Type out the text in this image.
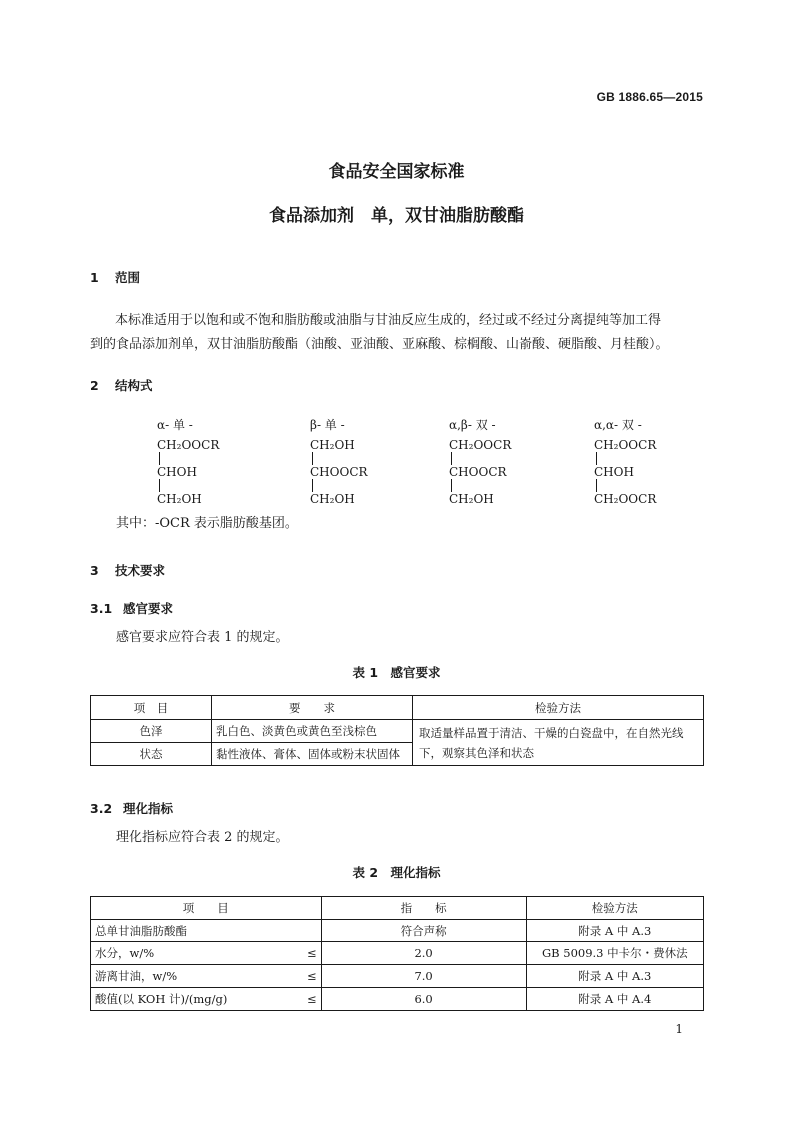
GB 1886.65—2015
食品安全国家标准
食品添加剂　单，双甘油脂肪酸酯
1 范围
本标准适用于以饱和或不饱和脂肪酸或油脂与甘油反应生成的，经过或不经过分离提纯等加工得
到的食品添加剂单，双甘油脂肪酸酯（油酸、亚油酸、亚麻酸、棕榈酸、山嵛酸、硬脂酸、月桂酸）。
2 结构式
α- 单 -
CH₂OOCR
CHOH
CH₂OH
β- 单 -
CH₂OH
CHOOCR
CH₂OH
α,β- 双 -
CH₂OOCR
CHOOCR
CH₂OH
α,α- 双 -
CH₂OOCR
CHOH
CH₂OOCR
其中：-OCR 表示脂肪酸基团。
3 技术要求
3.1 感官要求
感官要求应符合表 1 的规定。
表 1　感官要求
项　目	要　　求	检验方法
色泽	乳白色、淡黄色或黄色至浅棕色	取适量样品置于清洁、干燥的白瓷盘中，在自然光线下，观察其色泽和状态
状态	黏性液体、膏体、固体或粉末状固体	
3.2 理化指标
理化指标应符合表 2 的规定。
表 2　理化指标
项　　目		指　　标	检验方法
总单甘油脂肪酸酯		符合声称	附录 A 中 A.3
水分，w/%	≤	2.0	GB 5009.3 中卡尔・费休法
游离甘油，w/%	≤	7.0	附录 A 中 A.3
酸值(以 KOH 计)/(mg/g)	≤	6.0	附录 A 中 A.4
1
